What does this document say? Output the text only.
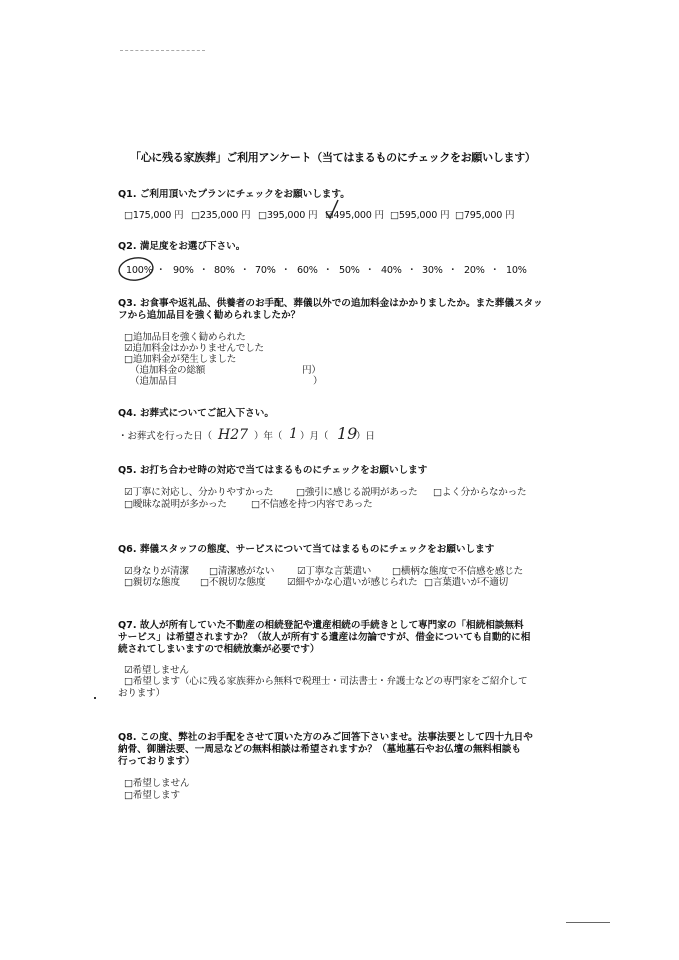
「心に残る家族葬」ご利用アンケート（当てはまるものにチェックをお願いします）
Q1. ご利用頂いたプランにチェックをお願いします。
□175,000 円 □235,000 円 □395,000 円 ☑495,000 円 □595,000 円 □795,000 円
Q2. 満足度をお選び下さい。
100% ・ 90% ・ 80% ・ 70% ・ 60% ・ 50% ・ 40% ・ 30% ・ 20% ・ 10%
Q3. お食事や返礼品、供養者のお手配、葬儀以外での追加料金はかかりましたか。また葬儀スタッ
フから追加品目を強く勧められましたか？
□追加品目を強く勧められた
☑追加料金はかかりませんでした
□追加料金が発生しました
（追加料金の総額	円）
（追加品目	）
Q4. お葬式についてご記入下さい。
・お葬式を行った日（ H27 ）年（ 1 ）月（ 19
）日
Q5. お打ち合わせ時の対応で当てはまるものにチェックをお願いします
☑丁寧に対応し、分かりやすかった □強引に感じる説明があった □よく分からなかった
□曖昧な説明が多かった	□不信感を持つ内容であった
Q6. 葬儀スタッフの態度、サービスについて当てはまるものにチェックをお願いします
☑身なりが清潔 □清潔感がない ☑丁寧な言葉遣い □横柄な態度で不信感を感じた
□親切な態度 □不親切な態度 ☑細やかな心遣いが感じられた □言葉遣いが不適切
Q7. 故人が所有していた不動産の相続登記や遺産相続の手続きとして専門家の「相続相談無料
サービス」は希望されますか？（故人が所有する遺産は勿論ですが、借金についても自動的に相
続されてしまいますので相続放棄が必要です）
☑希望しません
□希望します（心に残る家族葬から無料で税理士・司法書士・弁護士などの専門家をご紹介して
おります）
Q8. この度、弊社のお手配をさせて頂いた方のみご回答下さいませ。法事法要として四十九日や
納骨、御膳法要、一周忌などの無料相談は希望されますか？（墓地墓石やお仏壇の無料相談も
行っております）
□希望しません
□希望します
